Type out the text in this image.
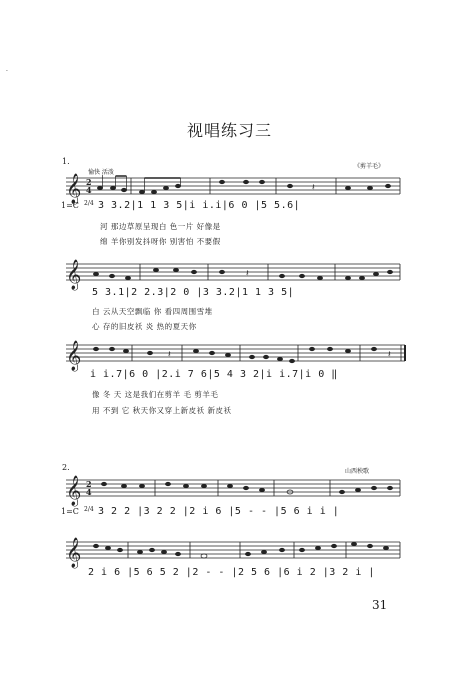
·
视唱练习三
𝄞
𝄞
𝄞
𝄞
𝄞
2
4
2
4
𝄽
𝄽
𝄽	𝄽
1.
愉快 活泼
《剪羊毛》
1=C 2/4 3 3.2|1 1 3 5|i i.i|6 0 |5 5.6|
河 那边草原呈现白 色一片 好像是
绵 羊你别发抖呀你 别害怕 不要假
5 3.1|2 2.3|2 0 |3 3.2|1 1 3 5|
白 云从天空飘临 你 看四周围雪堆
心 存的旧皮袄 炎 热的夏天你
i i.7|6 0 |2.i 7 6|5 4 3 2|i i.7|i 0 ‖
像 冬 天 这是我们在剪羊 毛 剪羊毛
用 不到 它 秋天你又穿上新皮袄 新皮袄
2.	山西秧歌
1=C 2/4 3 2 2 |3 2 2 |2 i 6 |5 - - |5 6 i i |
2 i 6 |5 6 5 2 |2 - - |2 5 6 |6 i 2 |3 2 i |
31
